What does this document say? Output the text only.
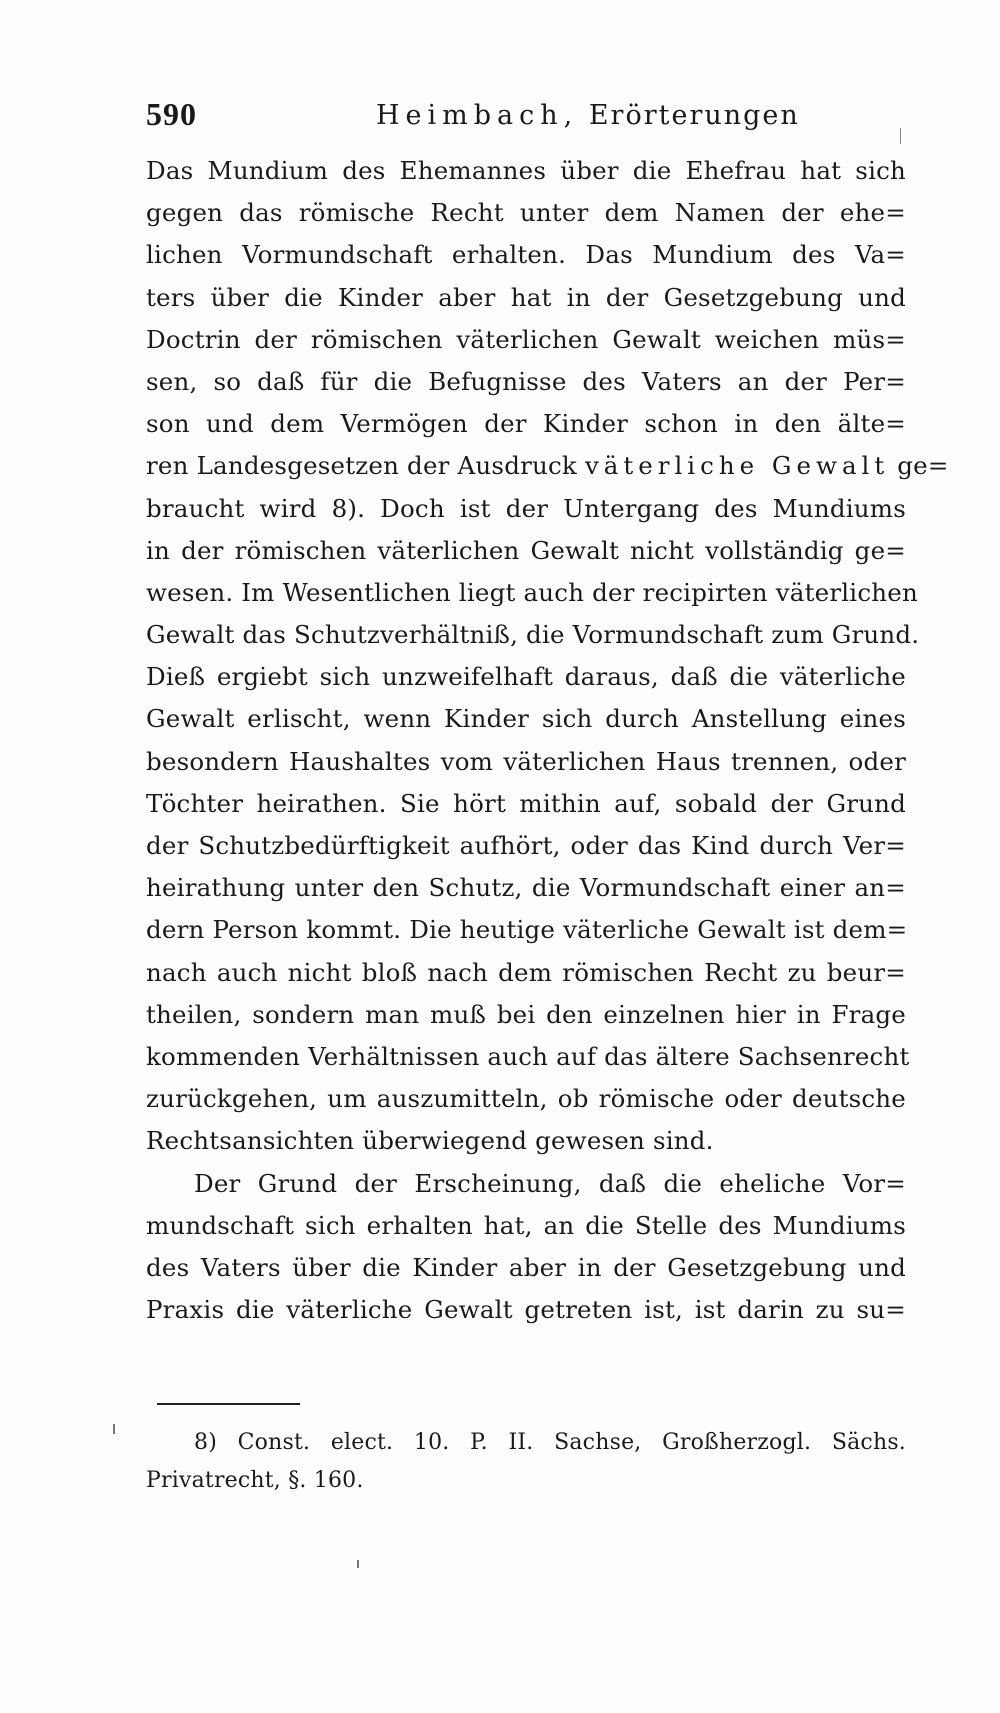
590	Heimbach, Erörterungen
Das Mundium des Ehemannes über die Ehefrau hat sich
gegen das römische Recht unter dem Namen der ehe=
lichen Vormundschaft erhalten. Das Mundium des Va=
ters über die Kinder aber hat in der Gesetzgebung und
Doctrin der römischen väterlichen Gewalt weichen müs=
sen, so daß für die Befugnisse des Vaters an der Per=
son und dem Vermögen der Kinder schon in den älte=
ren Landesgesetzen der Ausdruck väterliche Gewalt ge=
braucht wird 8). Doch ist der Untergang des Mundiums
in der römischen väterlichen Gewalt nicht vollständig ge=
wesen. Im Wesentlichen liegt auch der recipirten väterlichen
Gewalt das Schutzverhältniß, die Vormundschaft zum Grund.
Dieß ergiebt sich unzweifelhaft daraus, daß die väterliche
Gewalt erlischt, wenn Kinder sich durch Anstellung eines
besondern Haushaltes vom väterlichen Haus trennen, oder
Töchter heirathen. Sie hört mithin auf, sobald der Grund
der Schutzbedürftigkeit aufhört, oder das Kind durch Ver=
heirathung unter den Schutz, die Vormundschaft einer an=
dern Person kommt. Die heutige väterliche Gewalt ist dem=
nach auch nicht bloß nach dem römischen Recht zu beur=
theilen, sondern man muß bei den einzelnen hier in Frage
kommenden Verhältnissen auch auf das ältere Sachsenrecht
zurückgehen, um auszumitteln, ob römische oder deutsche
Rechtsansichten überwiegend gewesen sind.
Der Grund der Erscheinung, daß die eheliche Vor=
mundschaft sich erhalten hat, an die Stelle des Mundiums
des Vaters über die Kinder aber in der Gesetzgebung und
Praxis die väterliche Gewalt getreten ist, ist darin zu su=
8) Const. elect. 10. P. II. Sachse, Großherzogl. Sächs.
Privatrecht, §. 160.
